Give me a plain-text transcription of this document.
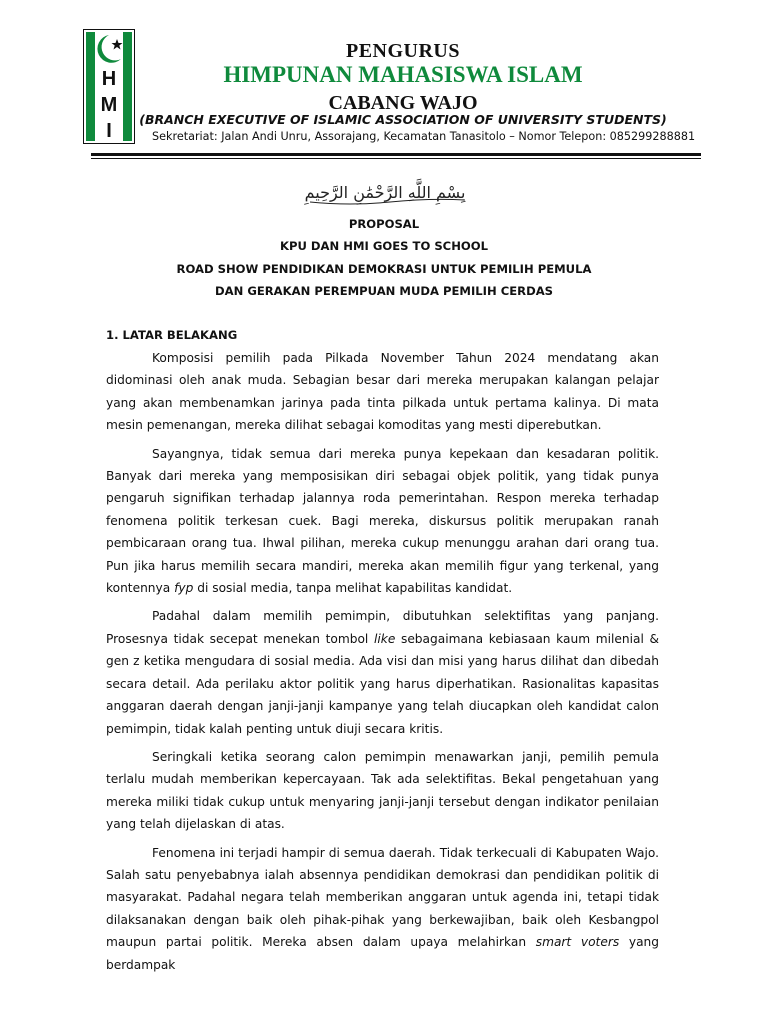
H
M
I
PENGURUS
HIMPUNAN MAHASISWA ISLAM
CABANG WAJO
(BRANCH EXECUTIVE OF ISLAMIC ASSOCIATION OF UNIVERSITY STUDENTS)
Sekretariat: Jalan Andi Unru, Assorajang, Kecamatan Tanasitolo – Nomor Telepon: 085299288881
بِسْمِ اللَّهِ الرَّحْمَٰنِ الرَّحِيمِ
PROPOSAL
KPU DAN HMI GOES TO SCHOOL
ROAD SHOW PENDIDIKAN DEMOKRASI UNTUK PEMILIH PEMULA
DAN GERAKAN PEREMPUAN MUDA PEMILIH CERDAS
1. LATAR BELAKANG

Komposisi pemilih pada Pilkada November Tahun 2024 mendatang akan didominasi oleh anak muda. Sebagian besar dari mereka merupakan kalangan pelajar yang akan membenamkan jarinya pada tinta pilkada untuk pertama kalinya. Di mata mesin pemenangan, mereka dilihat sebagai komoditas yang mesti diperebutkan.

Sayangnya, tidak semua dari mereka punya kepekaan dan kesadaran politik. Banyak dari mereka yang memposisikan diri sebagai objek politik, yang tidak punya pengaruh signifikan terhadap jalannya roda pemerintahan. Respon mereka terhadap fenomena politik terkesan cuek. Bagi mereka, diskursus politik merupakan ranah pembicaraan orang tua. Ihwal pilihan, mereka cukup menunggu arahan dari orang tua. Pun jika harus memilih secara mandiri, mereka akan memilih figur yang terkenal, yang kontennya fyp di sosial media, tanpa melihat kapabilitas kandidat.

Padahal dalam memilih pemimpin, dibutuhkan selektifitas yang panjang. Prosesnya tidak secepat menekan tombol like sebagaimana kebiasaan kaum milenial & gen z ketika mengudara di sosial media. Ada visi dan misi yang harus dilihat dan dibedah secara detail. Ada perilaku aktor politik yang harus diperhatikan. Rasionalitas kapasitas anggaran daerah dengan janji-janji kampanye yang telah diucapkan oleh kandidat calon pemimpin, tidak kalah penting untuk diuji secara kritis.

Seringkali ketika seorang calon pemimpin menawarkan janji, pemilih pemula terlalu mudah memberikan kepercayaan. Tak ada selektifitas. Bekal pengetahuan yang mereka miliki tidak cukup untuk menyaring janji-janji tersebut dengan indikator penilaian yang telah dijelaskan di atas.

Fenomena ini terjadi hampir di semua daerah. Tidak terkecuali di Kabupaten Wajo. Salah satu penyebabnya ialah absennya pendidikan demokrasi dan pendidikan politik di masyarakat. Padahal negara telah memberikan anggaran untuk agenda ini, tetapi tidak dilaksanakan dengan baik oleh pihak-pihak yang berkewajiban, baik oleh Kesbangpol maupun partai politik. Mereka absen dalam upaya melahirkan smart voters yang berdampak
